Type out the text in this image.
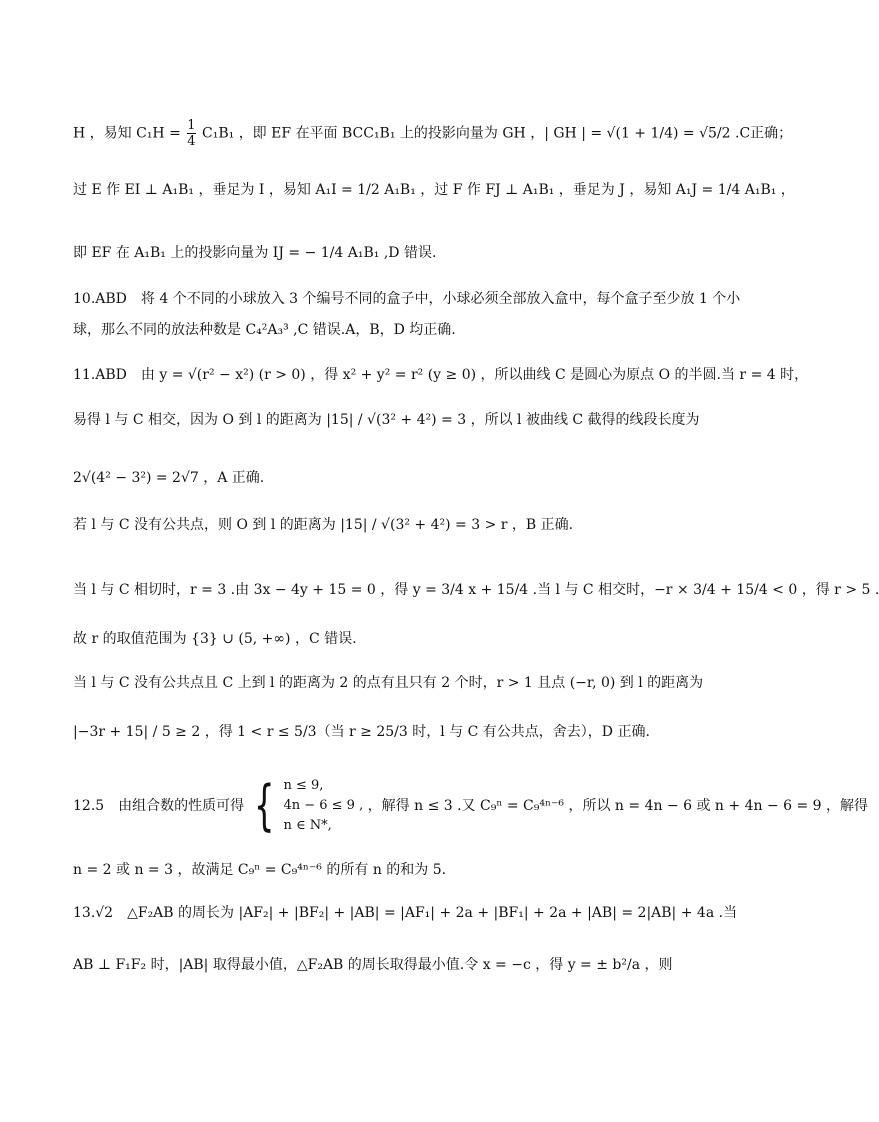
H ，易知 $C_1H = \frac{1}{4} C_1B_1$ ，即 EF 在平面 BCC₁B₁ 上的投影向量为 GH ，| GH | = √(1 + 1/4) = √5/2 .C正确；
过 E 作 EI ⊥ A₁B₁ ，垂足为 I ，易知 A₁I = 1/2 A₁B₁ ，过 F 作 FJ ⊥ A₁B₁ ，垂足为 J ，易知 A₁J = 1/4 A₁B₁ ，
即 EF 在 A₁B₁ 上的投影向量为 IJ = − 1/4 A₁B₁ ,D 错误.
10.ABD　将 4 个不同的小球放入 3 个编号不同的盒子中，小球必须全部放入盒中，每个盒子至少放 1 个小
球，那么不同的放法种数是 C₄²A₃³ ,C 错误.A，B，D 均正确.
11.ABD　由 y = √(r² − x²) (r > 0) ，得 x² + y² = r² (y ≥ 0) ，所以曲线 C 是圆心为原点 O 的半圆.当 r = 4 时，
易得 l 与 C 相交，因为 O 到 l 的距离为 |15| / √(3² + 4²) = 3 ，所以 l 被曲线 C 截得的线段长度为
2√(4² − 3²) = 2√7 ，A 正确.
若 l 与 C 没有公共点，则 O 到 l 的距离为 |15| / √(3² + 4²) = 3 > r ，B 正确.
当 l 与 C 相切时，r = 3 .由 3x − 4y + 15 = 0 ，得 y = 3/4 x + 15/4 .当 l 与 C 相交时，−r × 3/4 + 15/4 < 0 ，得 r > 5 .
故 r 的取值范围为 {3} ∪ (5, +∞) ，C 错误.
当 l 与 C 没有公共点且 C 上到 l 的距离为 2 的点有且只有 2 个时，r > 1 且点 (−r, 0) 到 l 的距离为
|−3r + 15| / 5 ≥ 2 ，得 1 < r ≤ 5/3（当 r ≥ 25/3 时，l 与 C 有公共点，舍去），D 正确.
12.5　由组合数的性质可得 { n ≤ 9,
4n − 6 ≤ 9 ,
n ∈ N*,
，解得 n ≤ 3 .又 C₉ⁿ = C₉⁴ⁿ⁻⁶ ，所以 n = 4n − 6 或 n + 4n − 6 = 9 ，解得
n = 2 或 n = 3 ，故满足 C₉ⁿ = C₉⁴ⁿ⁻⁶ 的所有 n 的和为 5.
13.√2　△F₂AB 的周长为 |AF₂| + |BF₂| + |AB| = |AF₁| + 2a + |BF₁| + 2a + |AB| = 2|AB| + 4a .当
AB ⊥ F₁F₂ 时，|AB| 取得最小值，△F₂AB 的周长取得最小值.令 x = −c ，得 y = ± b²/a ，则
